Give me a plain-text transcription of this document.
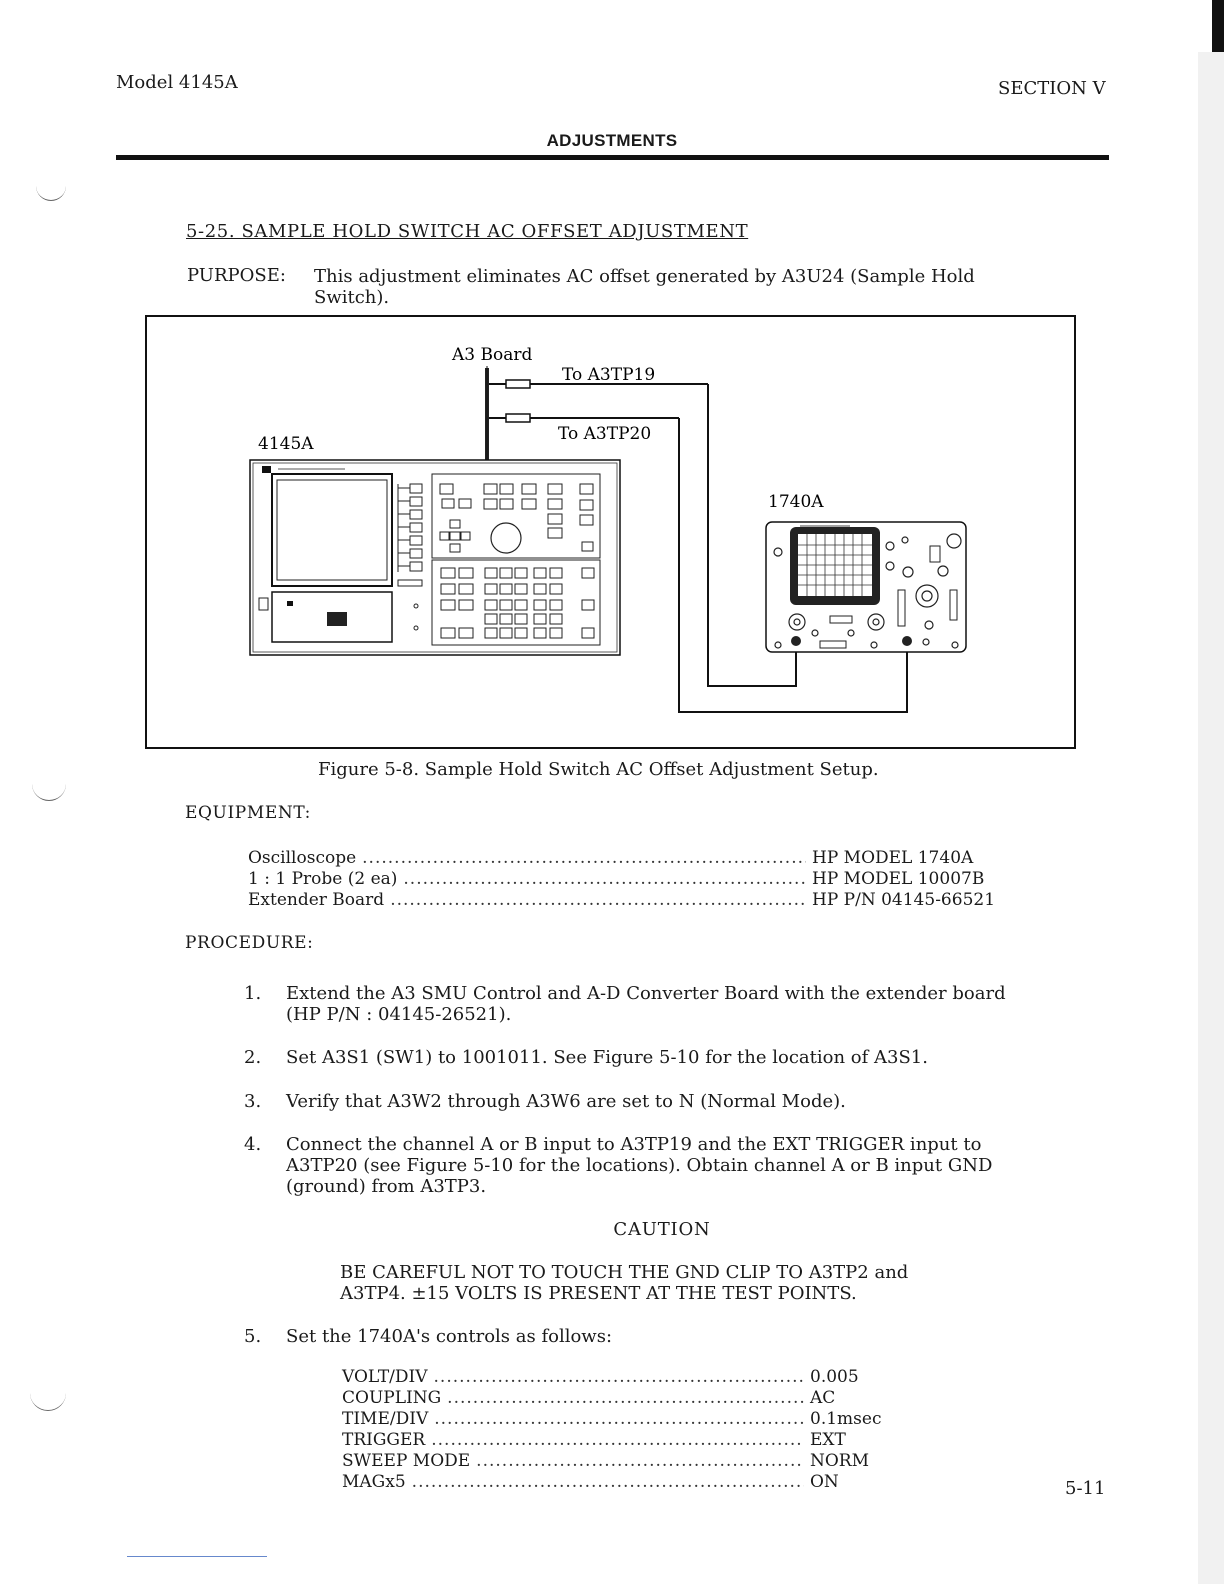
Model 4145A	SECTION V
ADJUSTMENTS
5-25. SAMPLE HOLD SWITCH AC OFFSET ADJUSTMENT
PURPOSE: This adjustment eliminates AC offset generated by A3U24 (Sample Hold
Switch).
A3 Board
To A3TP19
To A3TP20
4145A
1740A
Figure 5-8. Sample Hold Switch AC Offset Adjustment Setup.
EQUIPMENT:
Oscilloscope .....	HP MODEL 1740A
1 : 1 Probe (2 ea) .....	HP MODEL 10007B
Extender Board .....	HP P/N 04145-66521
PROCEDURE:
1. Extend the A3 SMU Control and A-D Converter Board with the extender board
(HP P/N : 04145-26521).
2. Set A3S1 (SW1) to 1001011. See Figure 5-10 for the location of A3S1.
3. Verify that A3W2 through A3W6 are set to N (Normal Mode).
4. Connect the channel A or B input to A3TP19 and the EXT TRIGGER input to
A3TP20 (see Figure 5-10 for the locations). Obtain channel A or B input GND
(ground) from A3TP3.
CAUTION
BE CAREFUL NOT TO TOUCH THE GND CLIP TO A3TP2 and
A3TP4. ±15 VOLTS IS PRESENT AT THE TEST POINTS.
5. Set the 1740A's controls as follows:
VOLT/DIV .....	0.005
COUPLING .....	AC
TIME/DIV .....	0.1msec
TRIGGER .....	EXT
SWEEP MODE .....	NORM
MAGx5 .....	ON	5-11
